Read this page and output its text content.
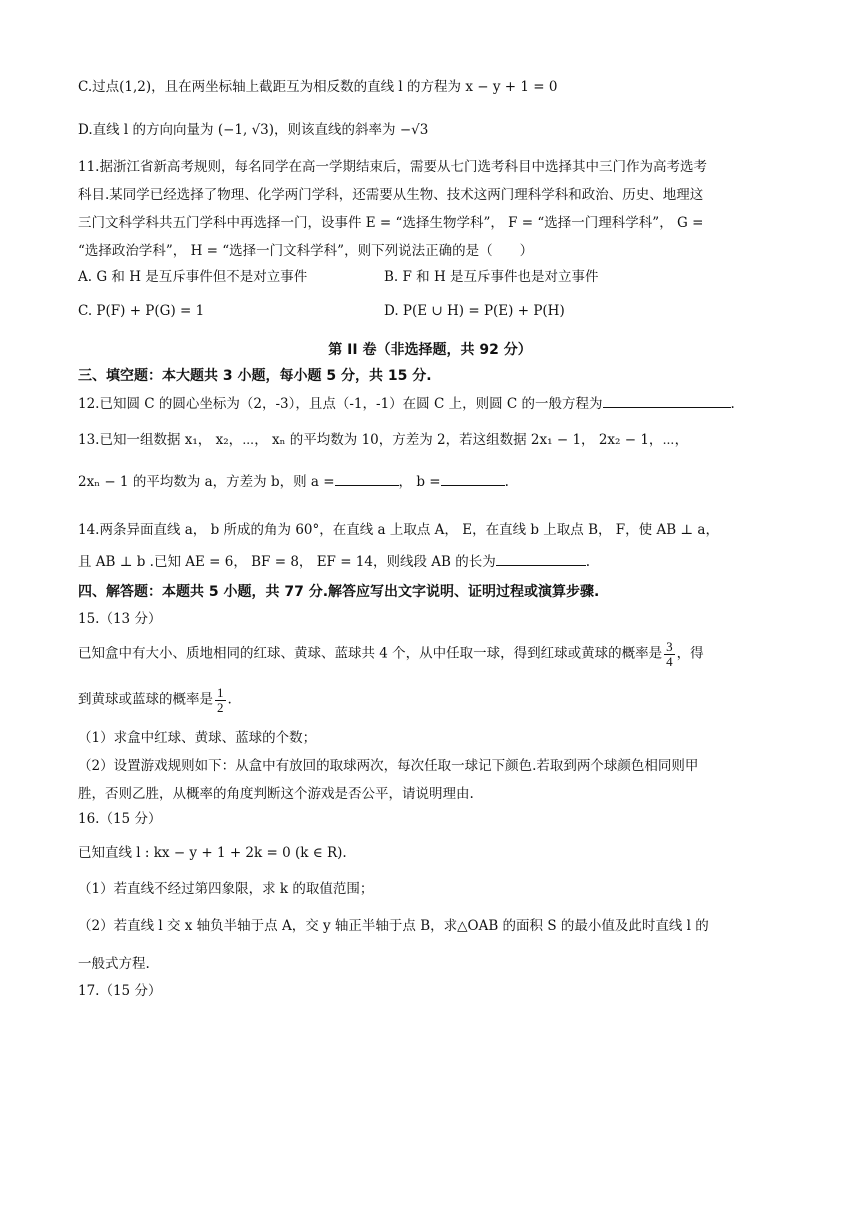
C.过点(1,2)，且在两坐标轴上截距互为相反数的直线 l 的方程为 x − y + 1 = 0
D.直线 l 的方向向量为 (−1, √3)，则该直线的斜率为 −√3
11.据浙江省新高考规则，每名同学在高一学期结束后，需要从七门选考科目中选择其中三门作为高考选考
科目.某同学已经选择了物理、化学两门学科，还需要从生物、技术这两门理科学科和政治、历史、地理这
三门文科学科共五门学科中再选择一门，设事件 E = “选择生物学科”， F = “选择一门理科学科”， G =
“选择政治学科”， H = “选择一门文科学科”，则下列说法正确的是（　　）
A. G 和 H 是互斥事件但不是对立事件	B. F 和 H 是互斥事件也是对立事件
C. P(F) + P(G) = 1	D. P(E ∪ H) = P(E) + P(H)
第 II 卷（非选择题，共 92 分）
三、填空题：本大题共 3 小题，每小题 5 分，共 15 分.
12.已知圆 C 的圆心坐标为（2，-3），且点（-1，-1）在圆 C 上，则圆 C 的一般方程为	.
13.已知一组数据 x₁， x₂，⋯， xₙ 的平均数为 10，方差为 2，若这组数据 2x₁ − 1， 2x₂ − 1，⋯，
2xₙ − 1 的平均数为 a，方差为 b，则 a =	， b =	.
14.两条异面直线 a， b 所成的角为 60°，在直线 a 上取点 A， E，在直线 b 上取点 B， F，使 AB ⊥ a，
且 AB ⊥ b .已知 AE = 6， BF = 8， EF = 14，则线段 AB 的长为	.
四、解答题：本题共 5 小题，共 77 分.解答应写出文字说明、证明过程或演算步骤.
15.（13 分）
已知盒中有大小、质地相同的红球、黄球、蓝球共 4 个，从中任取一球，得到红球或黄球的概率是 $\frac{3}{4}$ ，得
到黄球或蓝球的概率是 $\frac{1}{2}$ .
（1）求盒中红球、黄球、蓝球的个数；
（2）设置游戏规则如下：从盒中有放回的取球两次，每次任取一球记下颜色.若取到两个球颜色相同则甲
胜，否则乙胜，从概率的角度判断这个游戏是否公平，请说明理由.
16.（15 分）
已知直线 l : kx − y + 1 + 2k = 0 (k ∈ R).
（1）若直线不经过第四象限，求 k 的取值范围；
（2）若直线 l 交 x 轴负半轴于点 A，交 y 轴正半轴于点 B，求△OAB 的面积 S 的最小值及此时直线 l 的
一般式方程.
17.（15 分）
